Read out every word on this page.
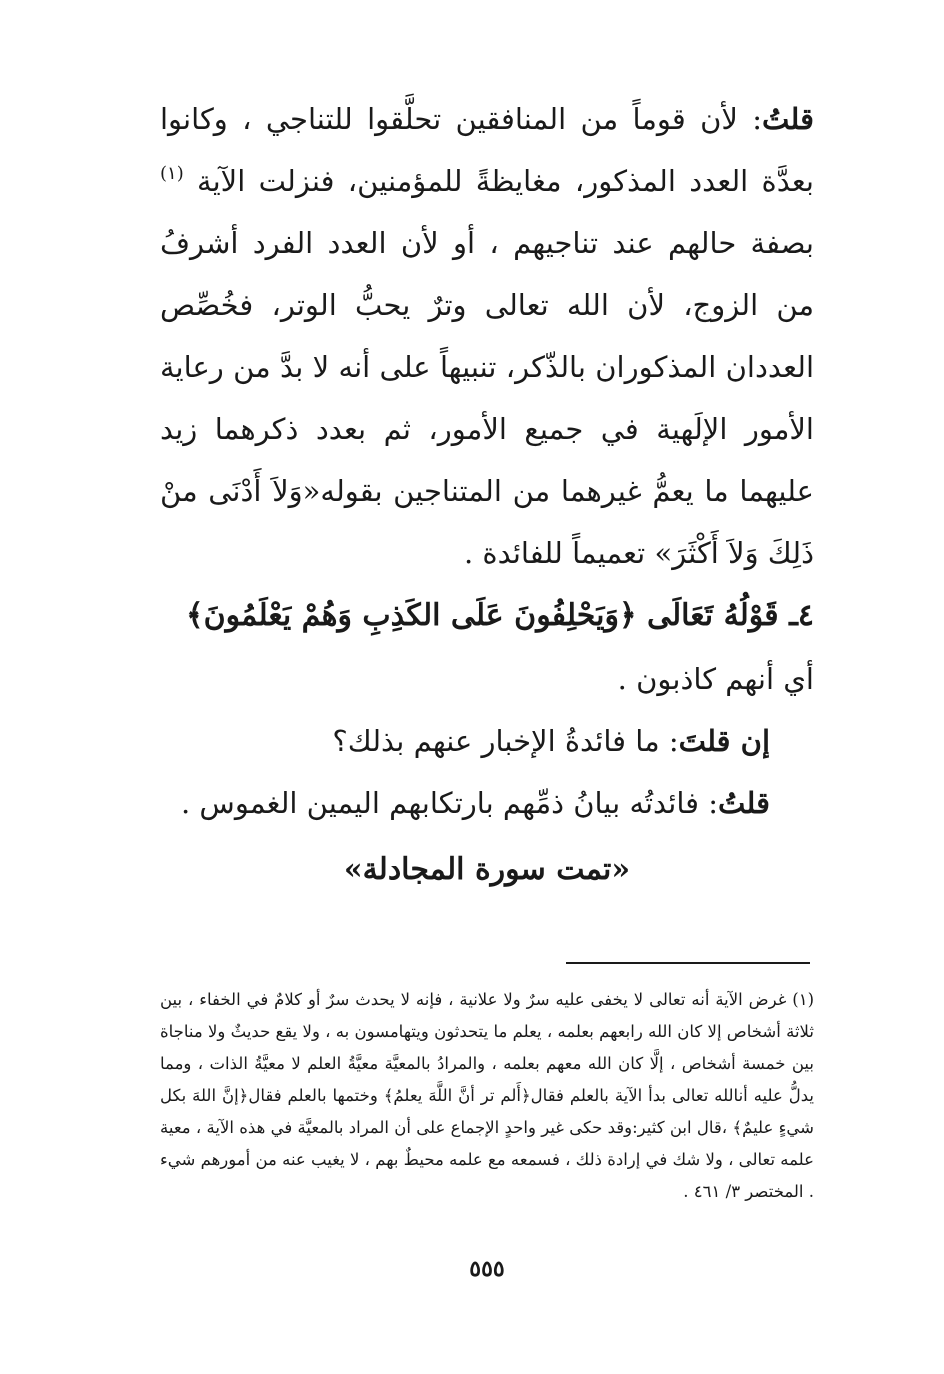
قلتُ: لأن قوماً من المنافقين تحلَّقوا للتناجي ، وكانوا بعدَّة العدد المذكور، مغايظةً للمؤمنين، فنزلت الآية $^{(١)}$ بصفة حالهم عند تناجيهم ، أو لأن العدد الفرد أشرفُ من الزوج، لأن الله تعالى وترٌ يحبُّ الوتر، فخُصِّص العددان المذكوران بالذّكر، تنبيهاً على أنه لا بدَّ من رعاية الأمور الإلَهية في جميع الأمور، ثم بعدد ذكرهما زيد عليهما ما يعمُّ غيرهما من المتناجين بقوله«وَلاَ أَدْنَى منْ ذَلِكَ وَلاَ أَكْثَرَ» تعميماً للفائدة .

٤ـ قَوْلُهُ تَعَالَى ﴿وَيَحْلِفُونَ عَلَى الكَذِبِ وَهُمْ يَعْلَمُونَ﴾

أي أنهم كاذبون .

إن قلتَ: ما فائدةُ الإخبار عنهم بذلك؟

قلتُ: فائدتُه بيانُ ذمِّهم بارتكابهم اليمين الغموس .

«تمت سورة المجادلة»

(١) غرض الآية أنه تعالى لا يخفى عليه سرٌ ولا علانية ، فإنه لا يحدث سرٌ أو كلامٌ في الخفاء ، بين ثلاثة أشخاص إلا كان الله رابعهم بعلمه ، يعلم ما يتحدثون ويتهامسون به ، ولا يقع حديثٌ ولا مناجاة بين خمسة أشخاص ، إلَّا كان الله معهم بعلمه ، والمرادُ بالمعيَّة معيَّةُ العلم لا معيَّةُ الذات ، ومما يدلُّ عليه أنالله تعالى بدأ الآية بالعلم فقال﴿أَلم تر أنَّ اللَّهَ يعلمُ﴾ وختمها بالعلم فقال﴿إنَّ اللهَ بكل شيءٍ عليمٌ﴾ ،قال ابن كثير:وقد حكى غير واحدٍ الإجماع على أن المراد بالمعيَّة في هذه الآية ، معية علمه تعالى ، ولا شك في إرادة ذلك ، فسمعه مع علمه محيطٌ بهم ، لا يغيب عنه من أمورهم شيء . المختصر ٣/ ٤٦١ .

٥٥٥
